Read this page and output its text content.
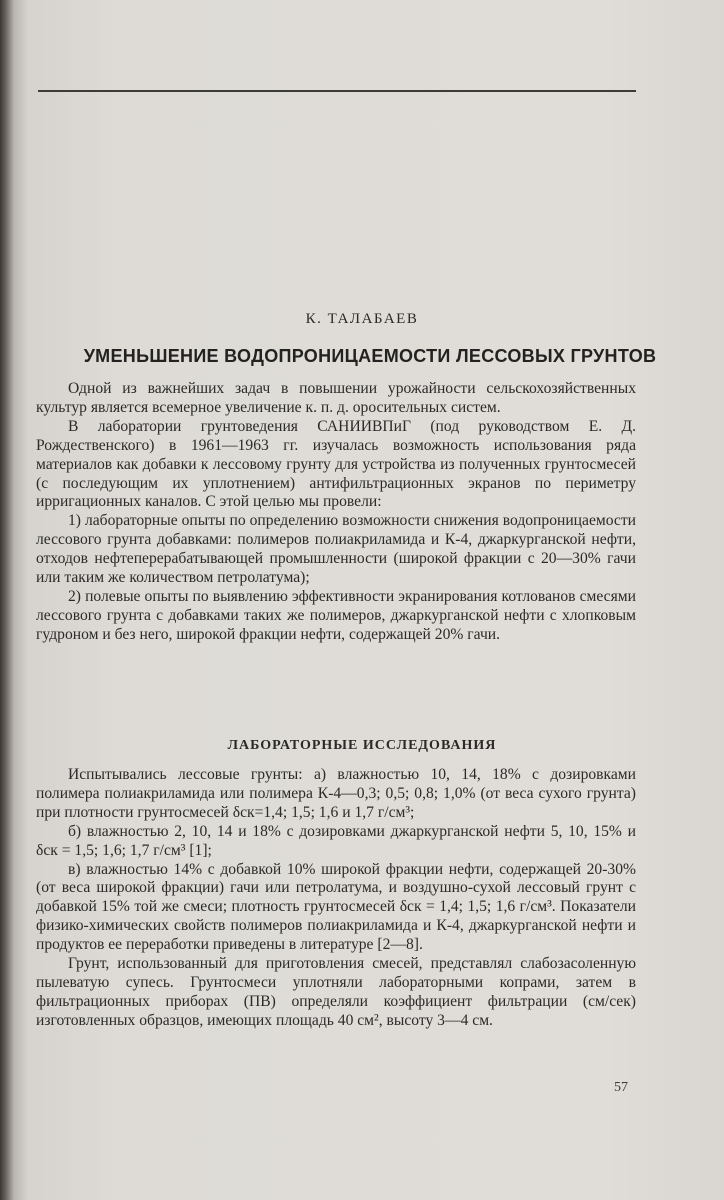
К. ТАЛАБАЕВ
УМЕНЬШЕНИЕ ВОДОПРОНИЦАЕМОСТИ ЛЕССОВЫХ ГРУНТОВ

Одной из важнейших задач в повышении урожайности сельскохозяйственных культур является всемерное увеличение к. п. д. оросительных систем.

В лаборатории грунтоведения САНИИВПиГ (под руководством Е. Д. Рождественского) в 1961—1963 гг. изучалась возможность использования ряда материалов как добавки к лессовому грунту для устройства из полученных грунтосмесей (с последующим их уплотнением) антифильтрационных экранов по периметру ирригационных каналов. С этой целью мы провели:

1) лабораторные опыты по определению возможности снижения водопроницаемости лессового грунта добавками: полимеров полиакриламида и К-4, джаркурганской нефти, отходов нефтеперерабатывающей промышленности (широкой фракции с 20—30% гачи или таким же количеством петролатума);

2) полевые опыты по выявлению эффективности экранирования котлованов смесями лессового грунта с добавками таких же полимеров, джаркурганской нефти с хлопковым гудроном и без него, широкой фракции нефти, содержащей 20% гачи.

ЛАБОРАТОРНЫЕ ИССЛЕДОВАНИЯ

Испытывались лессовые грунты: а) влажностью 10, 14, 18% с дозировками полимера полиакриламида или полимера К-4—0,3; 0,5; 0,8; 1,0% (от веса сухого грунта) при плотности грунтосмесей δск=1,4; 1,5; 1,6 и 1,7 г/см³;

б) влажностью 2, 10, 14 и 18% с дозировками джаркурганской нефти 5, 10, 15% и δск = 1,5; 1,6; 1,7 г/см³ [1];

в) влажностью 14% с добавкой 10% широкой фракции нефти, содержащей 20-30% (от веса широкой фракции) гачи или петролатума, и воздушно-сухой лессовый грунт с добавкой 15% той же смеси; плотность грунтосмесей δск = 1,4; 1,5; 1,6 г/см³. Показатели физико-химических свойств полимеров полиакриламида и К-4, джаркурганской нефти и продуктов ее переработки приведены в литературе [2—8].

Грунт, использованный для приготовления смесей, представлял слабозасоленную пылеватую супесь. Грунтосмеси уплотняли лабораторными копрами, затем в фильтрационных приборах (ПВ) определяли коэффициент фильтрации (см/сек) изготовленных образцов, имеющих площадь 40 см², высоту 3—4 см.

57
